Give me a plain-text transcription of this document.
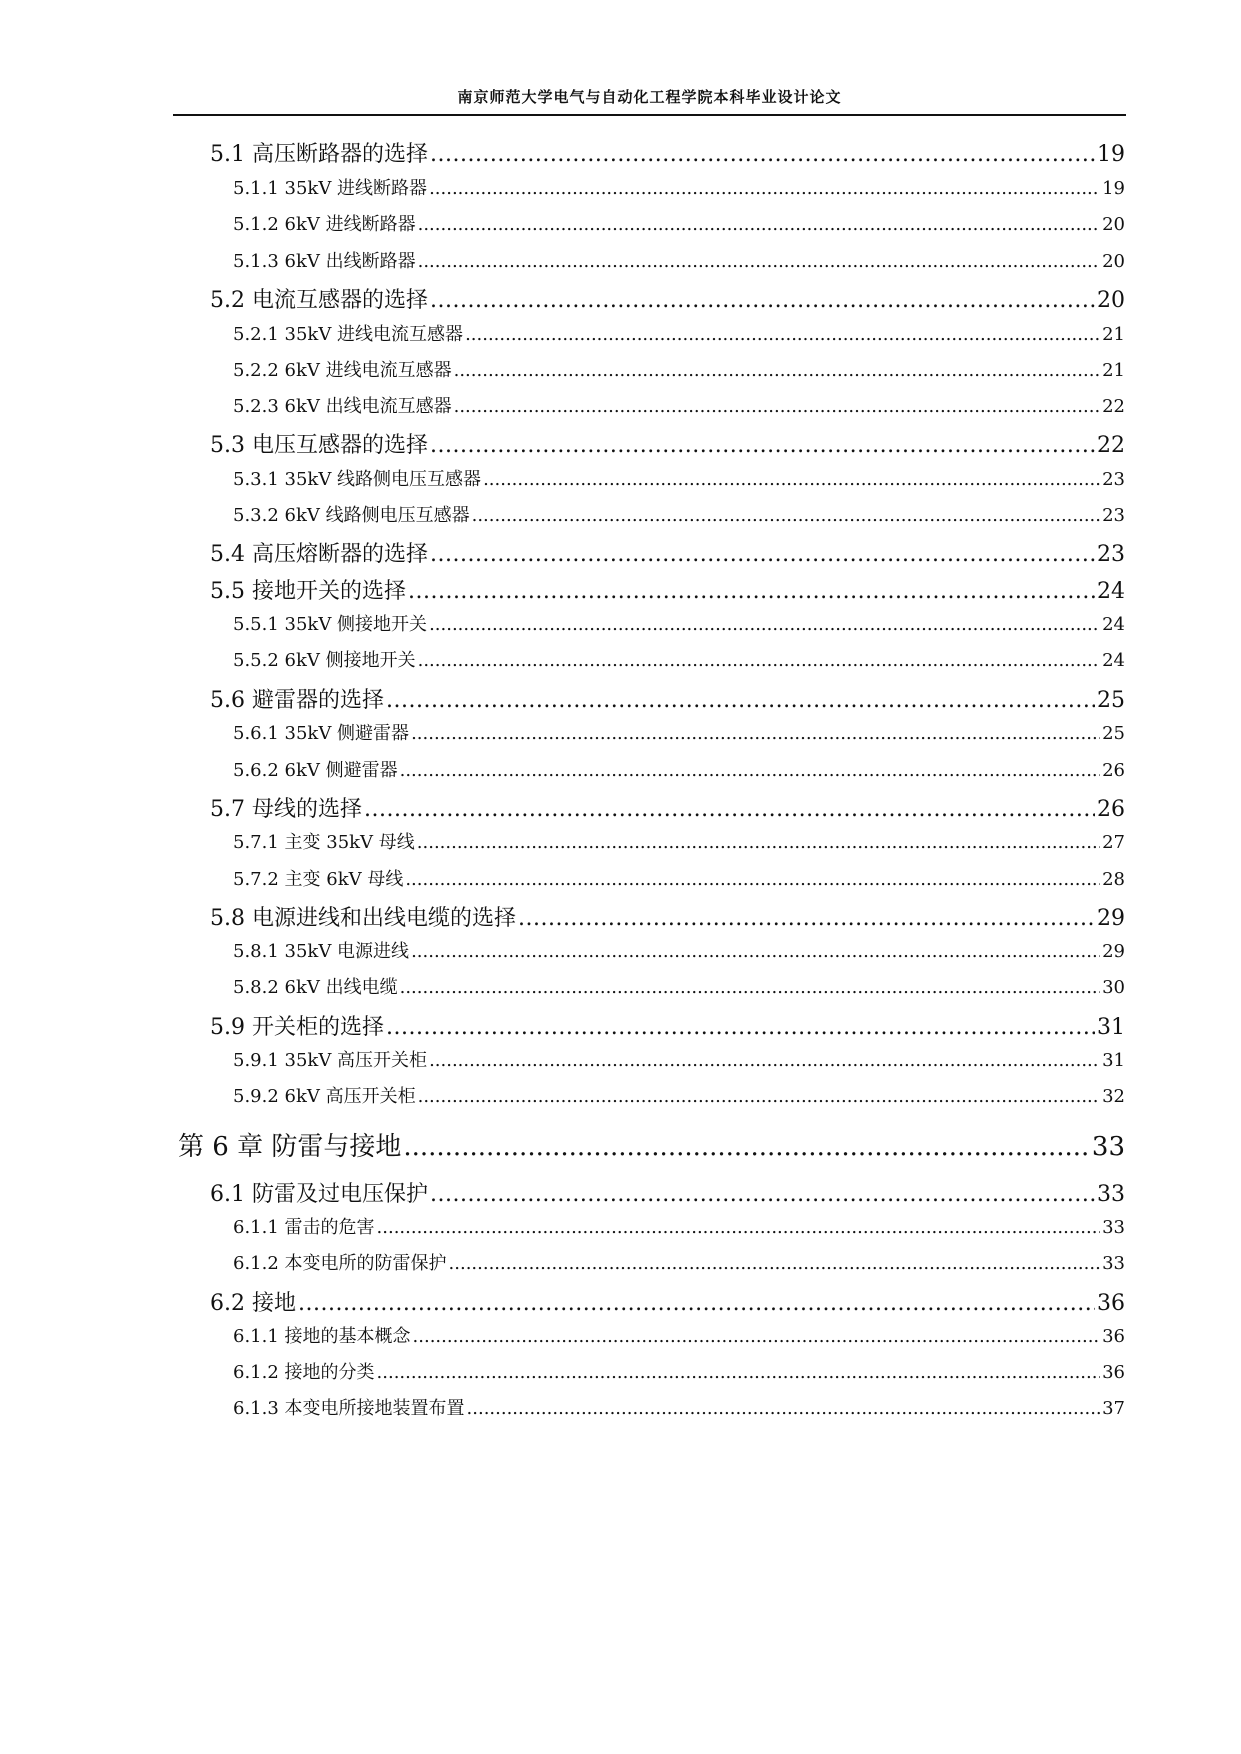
南京师范大学电气与自动化工程学院本科毕业设计论文
5.1 高压断路器的选择 .....	19
5.1.1 35kV 进线断路器 .....	19
5.1.2 6kV 进线断路器 .....	20
5.1.3 6kV 出线断路器 .....	20
5.2 电流互感器的选择 .....	20
5.2.1 35kV 进线电流互感器 .....	21
5.2.2 6kV 进线电流互感器 .....	21
5.2.3 6kV 出线电流互感器 .....	22
5.3 电压互感器的选择 .....	22
5.3.1 35kV 线路侧电压互感器 .....	23
5.3.2 6kV 线路侧电压互感器 .....	23
5.4 高压熔断器的选择 .....	23
5.5 接地开关的选择 .....	24
5.5.1 35kV 侧接地开关 .....	24
5.5.2 6kV 侧接地开关 .....	24
5.6 避雷器的选择 .....	25
5.6.1 35kV 侧避雷器 .....	25
5.6.2 6kV 侧避雷器 .....	26
5.7 母线的选择 .....	26
5.7.1 主变 35kV 母线 .....	27
5.7.2 主变 6kV 母线 .....	28
5.8 电源进线和出线电缆的选择 .....	29
5.8.1 35kV 电源进线 .....	29
5.8.2 6kV 出线电缆 .....	30
5.9 开关柜的选择 .....	31
5.9.1 35kV 高压开关柜 .....	31
5.9.2 6kV 高压开关柜 .....	32
第 6 章 防雷与接地 .....	33
6.1 防雷及过电压保护 .....	33
6.1.1 雷击的危害 .....	33
6.1.2 本变电所的防雷保护 .....	33
6.2 接地 .....	36
6.1.1 接地的基本概念 .....	36
6.1.2 接地的分类 .....	36
6.1.3 本变电所接地装置布置 .....	37
